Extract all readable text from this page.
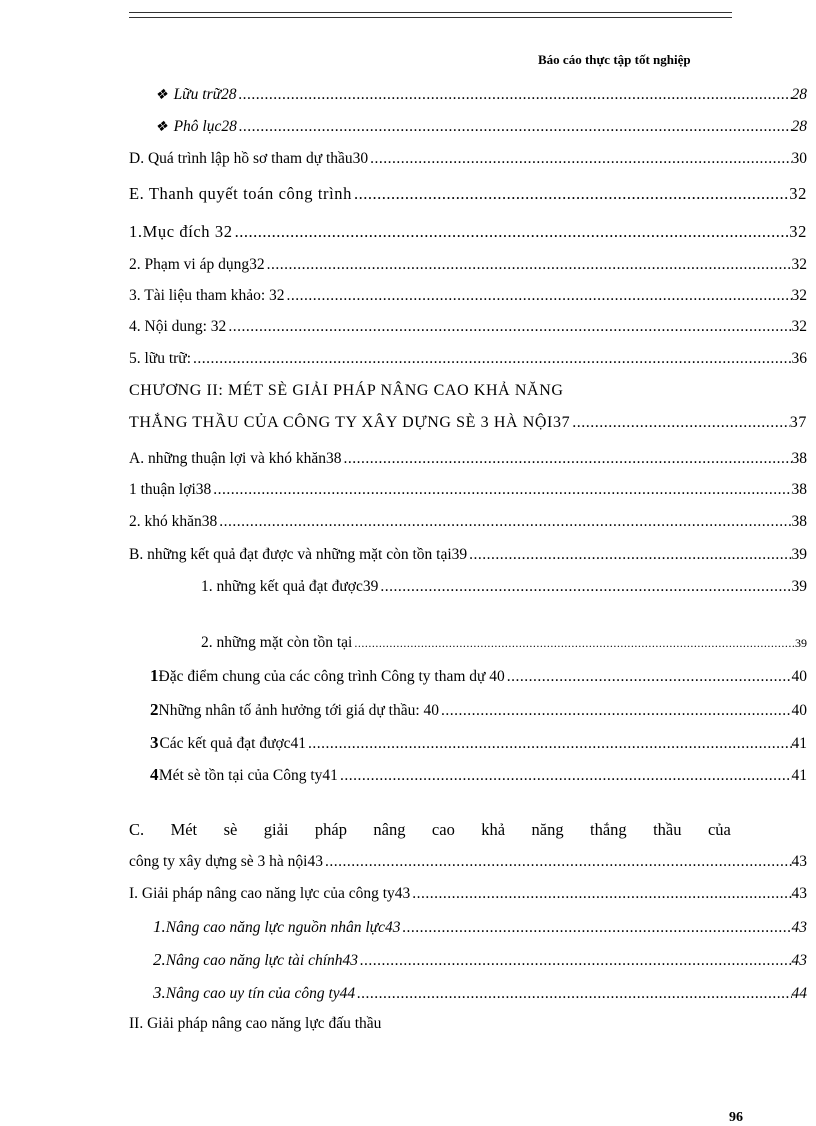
Báo cáo thực tập tốt nghiệp
❖ Lữu trữ28 .....	28
❖ Phô lục28 .....	28
D. Quá trình lập hồ sơ tham dự thầu30 .....	30
E. Thanh quyết toán công trình .....	32
1.Mục đích 32 .....	32
2. Phạm vi áp dụng32 .....	32
3. Tài liệu tham khảo: 32 .....	32
4. Nội dung: 32 .....	32
5. lữu trữ: .....	36
CHƯƠNG II: MÉT SÈ GIẢI PHÁP NÂNG CAO KHẢ NĂNG
THẮNG THẦU CỦA CÔNG TY XÂY DỰNG SÈ 3 HÀ NỘI37 .....	37
A. những thuận lợi và khó khăn38 .....	38
1 thuận lợi38 .....	38
2. khó khăn38 .....	38
B. những kết quả đạt được và những mặt còn tồn tại39 .....	39
1. những kết quả đạt được39 .....	39
2. những mặt còn tồn tại .....	39
1 Đặc điểm chung của các công trình Công ty tham dự 40 .....	40
2 Những nhân tố ảnh hưởng tới giá dự thầu: 40 .....	40
3 Các kết quả đạt được41 .....	41
4 Mét sè tồn tại của Công ty41 .....	41
C. Mét sè giải pháp nâng cao khả năng thắng thầu của
công ty xây dựng sè 3 hà nội43 .....	43
I. Giải pháp nâng cao năng lực của công ty43 .....	43
1. Nâng cao năng lực nguồn nhân lực43 .....	43
2. Nâng cao năng lực tài chính43 .....	43
3. Nâng cao uy tín của công ty44 .....	44
II. Giải pháp nâng cao năng lực đấu thầu
96
